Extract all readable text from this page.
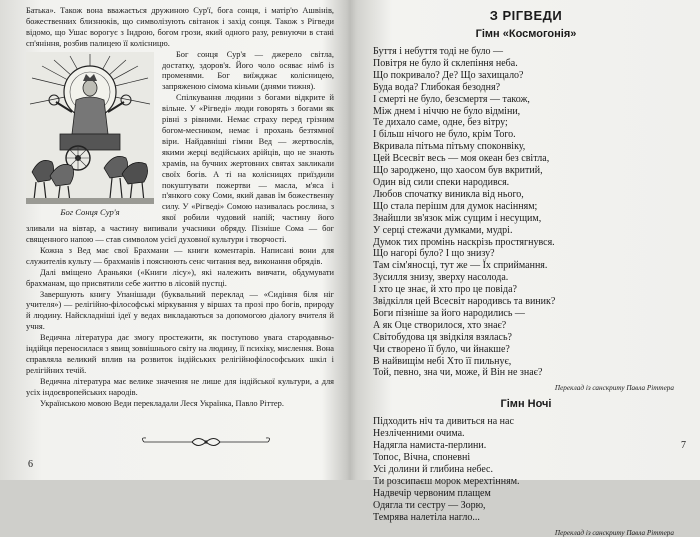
Батька». Також вона вважається дружиною Сур'ї, бога сонця, і матір'ю Ашвінів, божественних близнюків, що символізують світанок і захід сонця. Також з Рігведи відомо, що Ушас ворогує з Індрою, богом грози, який одного разу, ревнуючи в стані сп'яніння, розбив палицею її колісницю.

Бог Сонця Сур'я

Бог сонця Сур'я — джерело світла, достатку, здоров'я. Його чоло осяває німб із променями. Бог виїжджає колісницею, запряженою сімома кіньми (днями тижня).

Спілкування людини з богами відкрите й вільне. У «Рігведі» люди говорять з богами як рівні з рівними. Немає страху перед грізним богом-месником, немає і прохань безтямної віри. Найдавніші гімни Вед — жертвослів, якими жерці ведійських арійців, що не знають храмів, на бучних жертовних святах закликали своїх богів. А ті на колісницях приїздили покуштувати пожертви — масла, м'яса і п'янкого соку Соми, який давав їм божественну силу. У «Рігведі» Сомою називалась рослина, з якої робили чудовий напій; частину його зливали на вівтар, а частину випивали учасники обряду. Пізніше Сома — бог священного напою — став символом усієї духовної культури і творчості.

Кожна з Вед має свої Брахмани — книги коментарів. Написані вони для служителів культу — брахманів і пояснюють сенс читання вед, виконання обрядів.

Далі вміщено Араньяки («Книги лісу»), які належить вивчати, обдумувати брахманам, що присвятили себе життю в лісовій пустці.

Завершують книгу Упанішади (буквальний переклад — «Сидіння біля ніг учителя») — релігійно-філософські міркування у віршах та прозі про богів, природу й людину. Найскладніші ідеї у ведах викладаються за допомогою діалогу вчителя й учня.

Ведична література дає змогу простежити, як поступово увага стародавньоіндійця переносилася з явищ зовнішнього світу на людину, її психіку, мислення. Вона справляла великий вплив на розвиток індійських релігійнофілософських шкіл і релігійних течій.

Ведична література має велике значення не лише для індійської культури, а для усіх індоєвропейських народів.

Українською мовою Веди перекладали Леся Українка, Павло Ріттер.

6
З РІГВЕДИ
Гімн «Космогонія»
Буття і небуття тоді не було —
Повітря не було й склепіння неба.
Що покривало? Де? Що захищало?
Буда вода? Глибокая безодня?
І смерті не було, безсмертя — також,
Між днем і ніччю не було відміни,
Те дихало саме, одне, без вітру;
І більш нічого не було, крім Того.
Вкривала пітьма пітьму споконвіку,
Цей Всесвіт весь — моя океан без світла,
Що зароджено, що хаосом був вкритий,
Один від сили спеки народився.
Любов спочатку виникла від нього,
Що стала перішм для думок насінням;
Знайшли зв'язок між сущим і несущим,
У серці стежачи думками, мудрі.
Думок тих промінь наскрізь простягнувся.
Що нагорі було? І що знизу?
Там сім'яносці, тут же — Їх сприймання.
Зусилля знизу, зверху насолода.
І хто це знає, й хто про це повіда?
Звідкілля цей Всесвіт народивсь та виник?
Боги пізніше за його народились —
А як Оце створилося, хто знає?
Світобудова ця звідкіля взялась?
Чи створено її було, чи йнакше?
В найвищім небі Хто її пильнує,
Той, певно, зна чи, може, й Він не знає?
Переклад із санскриту Павла Ріттера
Гімн Ночі
Підходить ніч та дивиться на нас
Незліченними очима.
Надягла намиста-перлини.
Топос, Вічна, споневні
Усі долини й глибина небес.
Ти розсипаєш морок мерехтінням.
Надвечір червоним плащем
Одягла ти сестру — Зорю,
Темрява налетіла нагло...
Переклад із санскриту Павла Ріттера
7
